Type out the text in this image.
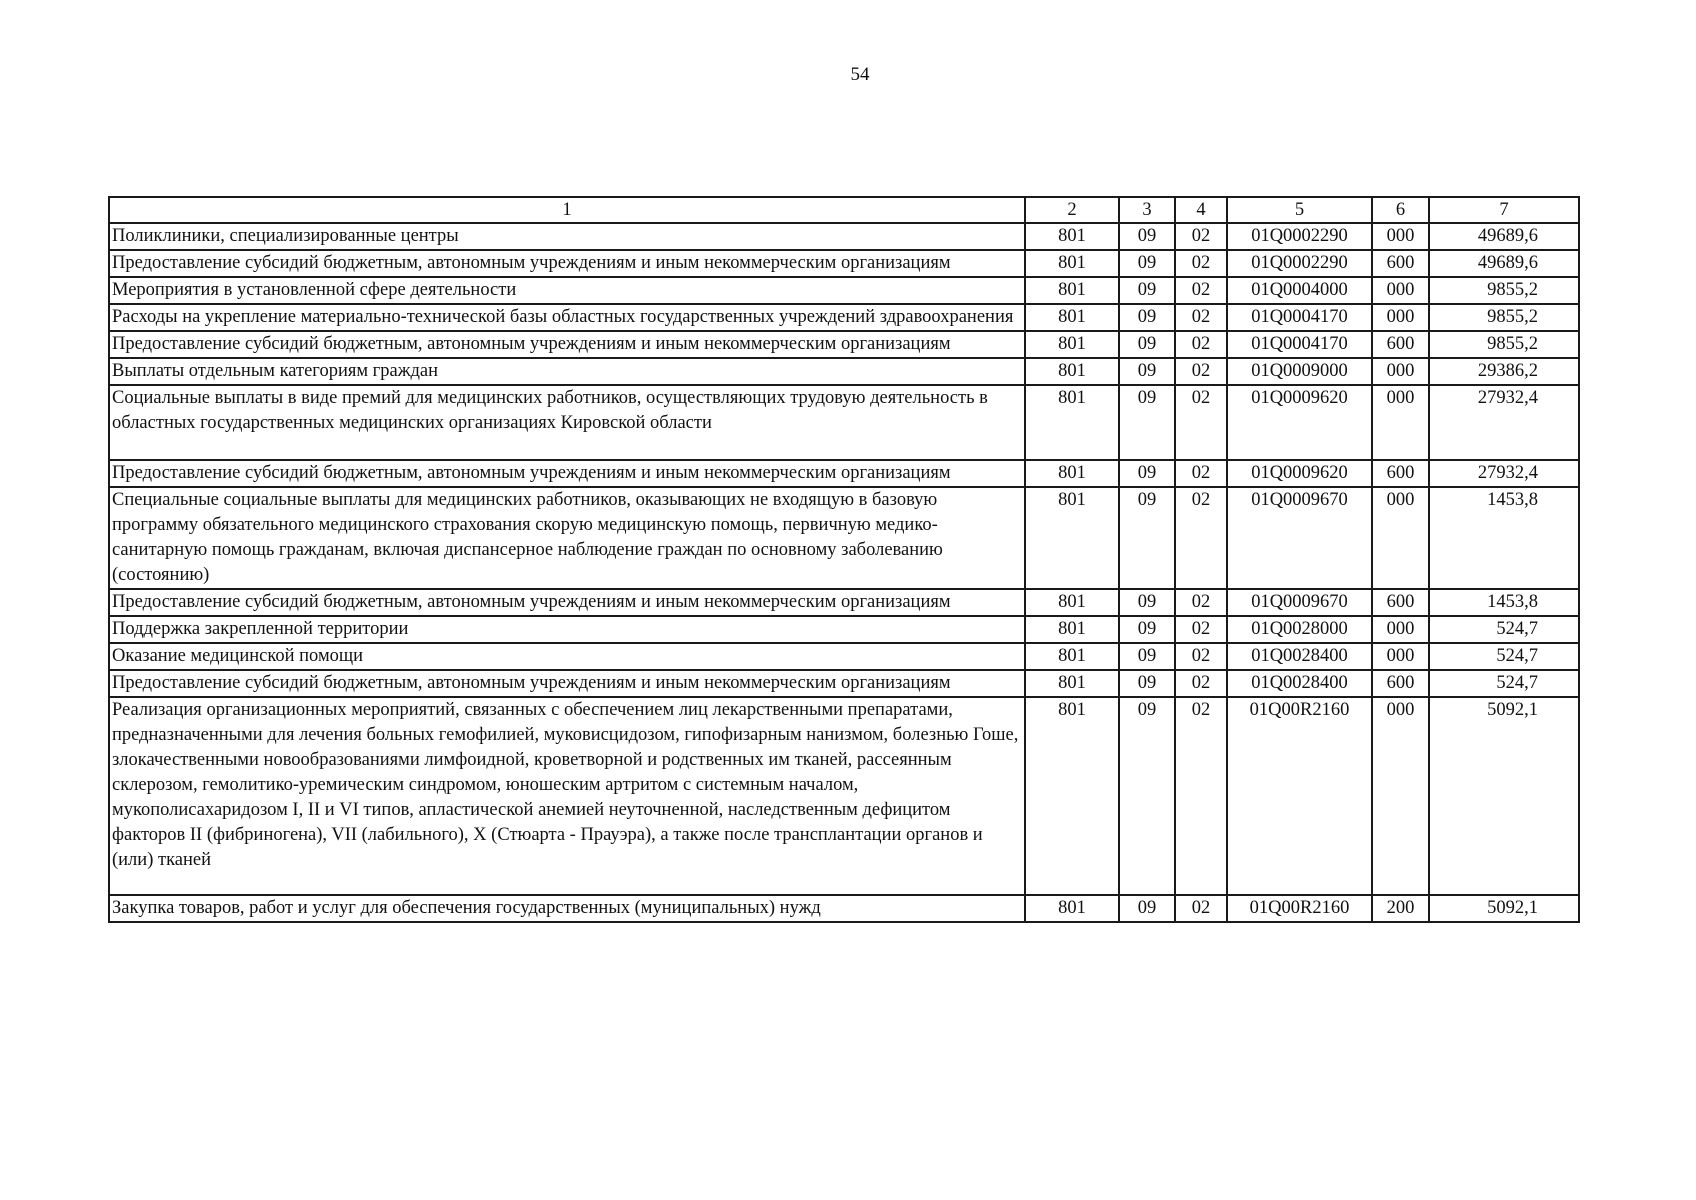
54
1	2	3	4	5	6	7
Поликлиники, специализированные центры	801	09	02	01Q0002290	000	49689,6
Предоставление субсидий бюджетным, автономным учреждениям и иным некоммерческим организациям	801	09	02	01Q0002290	600	49689,6
Мероприятия в установленной сфере деятельности	801	09	02	01Q0004000	000	9855,2
Расходы на укрепление материально-технической базы областных государственных учреждений здравоохранения	801	09	02	01Q0004170	000	9855,2
Предоставление субсидий бюджетным, автономным учреждениям и иным некоммерческим организациям	801	09	02	01Q0004170	600	9855,2
Выплаты отдельным категориям граждан	801	09	02	01Q0009000	000	29386,2
Социальные выплаты в виде премий для медицинских работников, осуществляющих трудовую деятельность в областных государственных медицинских организациях Кировской области	801	09	02	01Q0009620	000	27932,4
Предоставление субсидий бюджетным, автономным учреждениям и иным некоммерческим организациям	801	09	02	01Q0009620	600	27932,4
Специальные социальные выплаты для медицинских работников, оказывающих не входящую в базовую программу обязательного медицинского страхования скорую медицинскую помощь, первичную медико-санитарную помощь гражданам, включая диспансерное наблюдение граждан по основному заболеванию (состоянию)	801	09	02	01Q0009670	000	1453,8
Предоставление субсидий бюджетным, автономным учреждениям и иным некоммерческим организациям	801	09	02	01Q0009670	600	1453,8
Поддержка закрепленной территории	801	09	02	01Q0028000	000	524,7
Оказание медицинской помощи	801	09	02	01Q0028400	000	524,7
Предоставление субсидий бюджетным, автономным учреждениям и иным некоммерческим организациям	801	09	02	01Q0028400	600	524,7
Реализация организационных мероприятий, связанных с обеспечением лиц лекарственными препаратами, предназначенными для лечения больных гемофилией, муковисцидозом, гипофизарным нанизмом, болезнью Гоше, злокачественными новообразованиями лимфоидной, кроветворной и родственных им тканей, рассеянным склерозом, гемолитико-уремическим синдромом, юношеским артритом с системным началом, мукополисахаридозом I, II и VI типов, апластической анемией неуточненной, наследственным дефицитом факторов II (фибриногена), VII (лабильного), X (Стюарта - Прауэра), а также после трансплантации органов и (или) тканей	801	09	02	01Q00R2160	000	5092,1
Закупка товаров, работ и услуг для обеспечения государственных (муниципальных) нужд	801	09	02	01Q00R2160	200	5092,1
